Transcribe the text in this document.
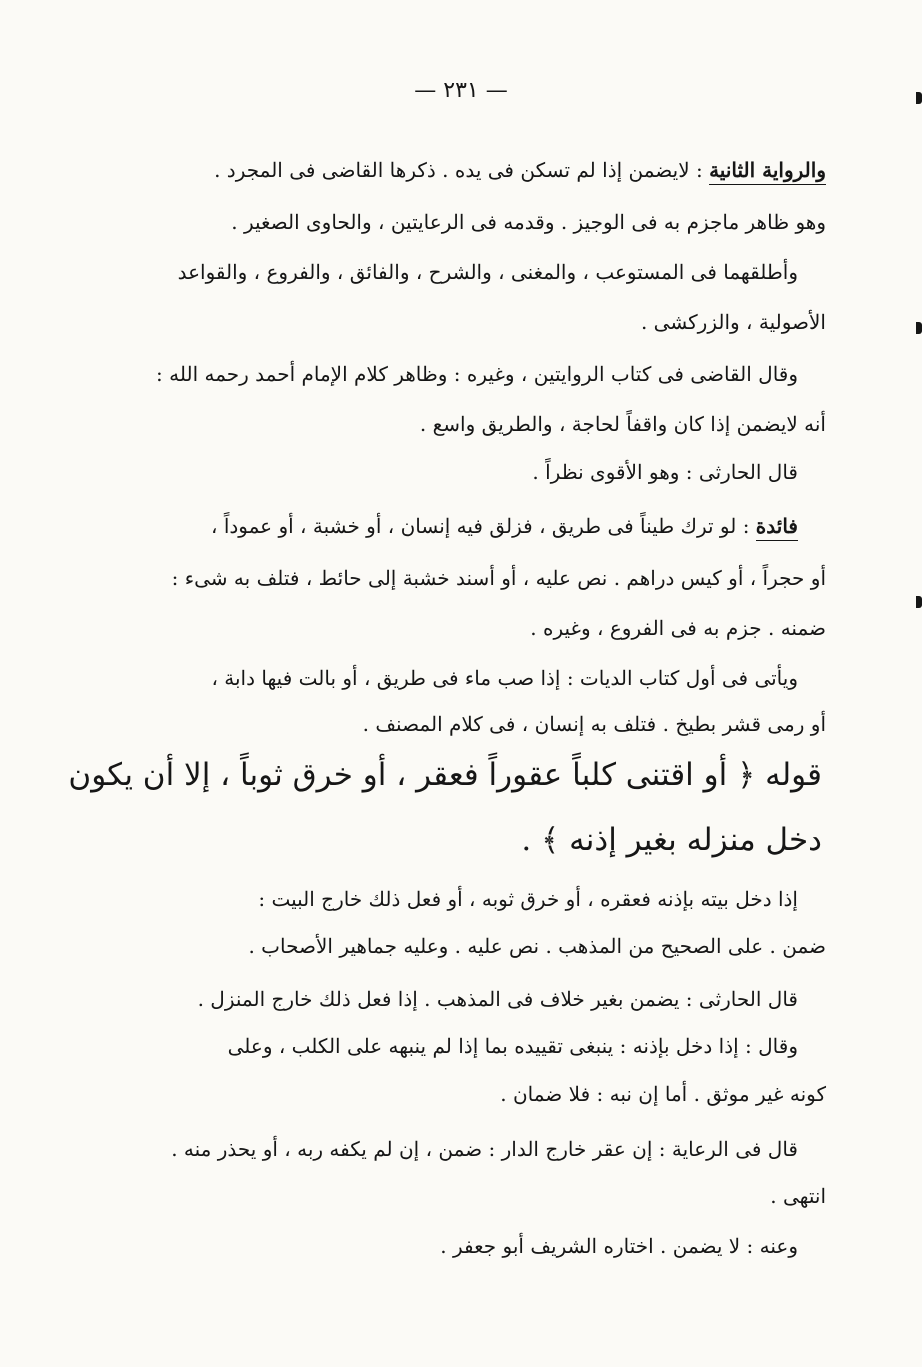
— ٢٣١ —
والرواية الثانية : لايضمن إذا لم تسكن فى يده . ذكرها القاضى فى المجرد .
وهو ظاهر ماجزم به فى الوجيز . وقدمه فى الرعايتين ، والحاوى الصغير .
وأطلقهما فى المستوعب ، والمغنى ، والشرح ، والفائق ، والفروع ، والقواعد
الأصولية ، والزركشى .
وقال القاضى فى كتاب الروايتين ، وغيره : وظاهر كلام الإمام أحمد رحمه الله :
أنه لايضمن إذا كان واقفاً لحاجة ، والطريق واسع .
قال الحارثى : وهو الأقوى نظراً .
فائدة : لو ترك طيناً فى طريق ، فزلق فيه إنسان ، أو خشبة ، أو عموداً ،
أو حجراً ، أو كيس دراهم . نص عليه ، أو أسند خشبة إلى حائط ، فتلف به شىء :
ضمنه . جزم به فى الفروع ، وغيره .
ويأتى فى أول كتاب الديات : إذا صب ماء فى طريق ، أو بالت فيها دابة ،
أو رمى قشر بطيخ . فتلف به إنسان ، فى كلام المصنف .
قوله ﴿ أو اقتنى كلباً عقوراً فعقر ، أو خرق ثوباً ، إلا أن يكون
دخل منزله بغير إذنه ﴾ .
إذا دخل بيته بإذنه فعقره ، أو خرق ثوبه ، أو فعل ذلك خارج البيت :
ضمن . على الصحيح من المذهب . نص عليه . وعليه جماهير الأصحاب .
قال الحارثى : يضمن بغير خلاف فى المذهب . إذا فعل ذلك خارج المنزل .
وقال : إذا دخل بإذنه : ينبغى تقييده بما إذا لم ينبهه على الكلب ، وعلى
كونه غير موثق . أما إن نبه : فلا ضمان .
قال فى الرعاية : إن عقر خارج الدار : ضمن ، إن لم يكفه ربه ، أو يحذر منه .
انتهى .
وعنه : لا يضمن . اختاره الشريف أبو جعفر .
